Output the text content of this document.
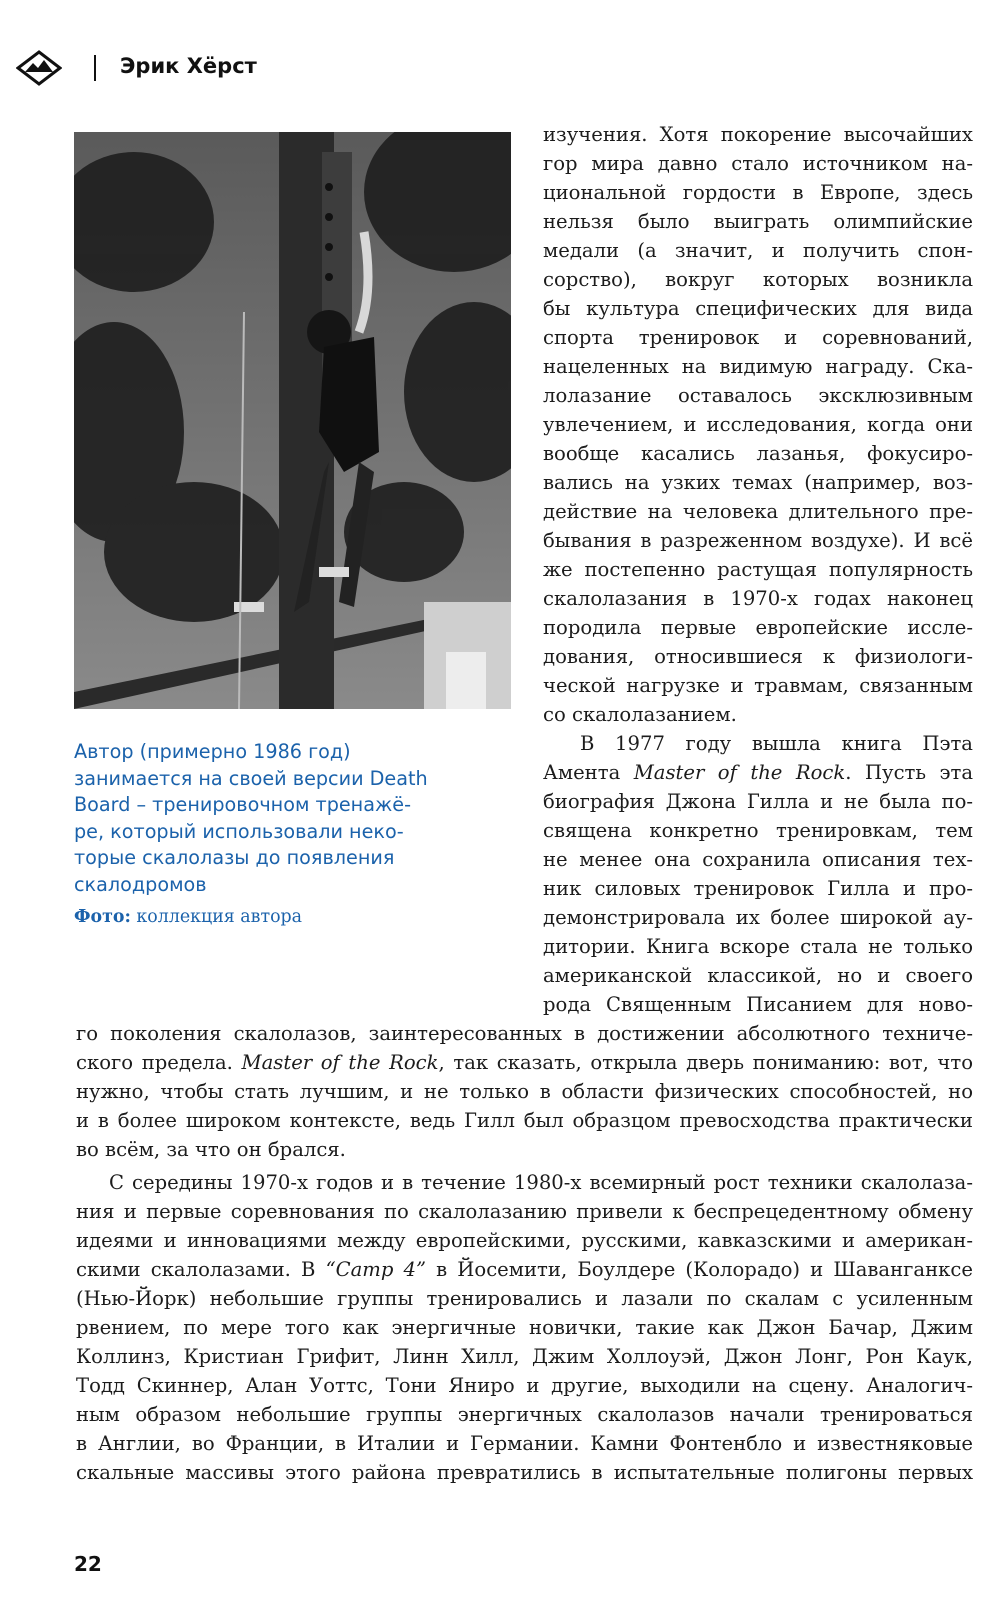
Эрик Хёрст
Автор (примерно 1986 год)
занимается на своей версии Death
Board – тренировочном тренажё-
ре, который использовали неко-
торые скалолазы до появления
скалодромов
Фото: коллекция автора
изучения. Хотя покорение высочайших
гор мира давно стало источником на-
циональной гордости в Европе, здесь
нельзя было выиграть олимпийские
медали (а значит, и получить спон-
сорство), вокруг которых возникла
бы культура специфических для вида
спорта тренировок и соревнований,
нацеленных на видимую награду. Ска-
лолазание оставалось эксклюзивным
увлечением, и исследования, когда они
вообще касались лазанья, фокусиро-
вались на узких темах (например, воз-
действие на человека длительного пре-
бывания в разреженном воздухе). И всё
же постепенно растущая популярность
скалолазания в 1970-х годах наконец
породила первые европейские иссле-
дования, относившиеся к физиологи-
ческой нагрузке и травмам, связанным
со скалолазанием.
В 1977 году вышла книга Пэта
Амента Master of the Rock. Пусть эта
биография Джона Гилла и не была по-
священа конкретно тренировкам, тем
не менее она сохранила описания тех-
ник силовых тренировок Гилла и про-
демонстрировала их более широкой ау-
дитории. Книга вскоре стала не только
американской классикой, но и своего
рода Священным Писанием для ново-
го поколения скалолазов, заинтересованных в достижении абсолютного техниче-
ского предела. Master of the Rock, так сказать, открыла дверь пониманию: вот, что
нужно, чтобы стать лучшим, и не только в области физических способностей, но
и в более широком контексте, ведь Гилл был образцом превосходства практически
во всём, за что он брался.
С середины 1970-х годов и в течение 1980-х всемирный рост техники скалолаза-
ния и первые соревнования по скалолазанию привели к беспрецедентному обмену
идеями и инновациями между европейскими, русскими, кавказскими и американ-
скими скалолазами. В “Camp 4” в Йосемити, Боулдере (Колорадо) и Шаванганксе
(Нью-Йорк) небольшие группы тренировались и лазали по скалам с усиленным
рвением, по мере того как энергичные новички, такие как Джон Бачар, Джим
Коллинз, Кристиан Грифит, Линн Хилл, Джим Холлоуэй, Джон Лонг, Рон Каук,
Тодд Скиннер, Алан Уоттс, Тони Яниро и другие, выходили на сцену. Аналогич-
ным образом небольшие группы энергичных скалолазов начали тренироваться
в Англии, во Франции, в Италии и Германии. Камни Фонтенбло и известняковые
скальные массивы этого района превратились в испытательные полигоны первых
22
